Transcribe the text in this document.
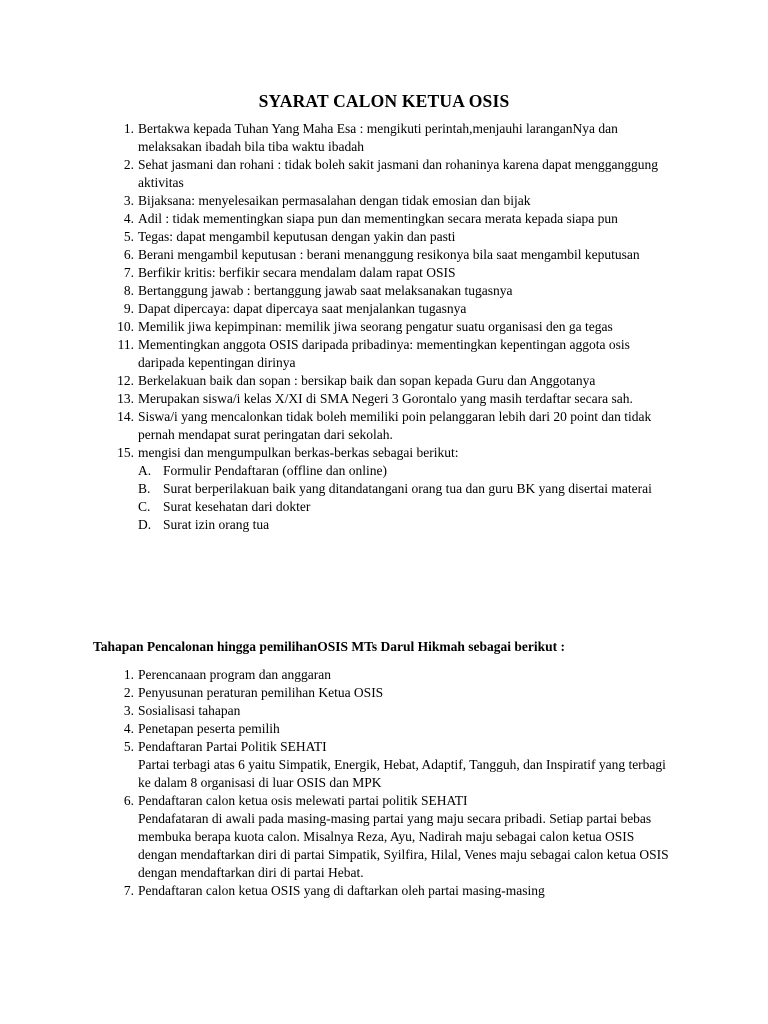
SYARAT CALON KETUA OSIS
1. Bertakwa kepada Tuhan Yang Maha Esa : mengikuti perintah,menjauhi laranganNya dan melaksakan ibadah bila tiba waktu ibadah
2. Sehat jasmani dan rohani : tidak boleh sakit jasmani dan rohaninya karena dapat mengganggung aktivitas
3. Bijaksana: menyelesaikan permasalahan dengan tidak emosian dan bijak
4. Adil : tidak mementingkan siapa pun dan mementingkan secara merata kepada siapa pun
5. Tegas: dapat mengambil keputusan dengan yakin dan pasti
6. Berani mengambil keputusan : berani menanggung resikonya bila saat mengambil keputusan
7. Berfikir kritis: berfikir secara mendalam dalam rapat OSIS
8. Bertanggung jawab : bertanggung jawab saat melaksanakan tugasnya
9. Dapat dipercaya: dapat dipercaya saat menjalankan tugasnya
10. Memilik jiwa kepimpinan: memilik jiwa seorang pengatur suatu organisasi den ga tegas
11. Mementingkan anggota OSIS daripada pribadinya: mementingkan kepentingan aggota osis daripada kepentingan dirinya
12. Berkelakuan baik dan sopan : bersikap baik dan sopan kepada Guru dan Anggotanya
13. Merupakan siswa/i kelas X/XI di SMA Negeri 3 Gorontalo yang masih terdaftar secara sah.
14. Siswa/i yang mencalonkan tidak boleh memiliki poin pelanggaran lebih dari 20 point dan tidak pernah mendapat surat peringatan dari sekolah.
15. mengisi dan mengumpulkan berkas-berkas sebagai berikut:
A. Formulir Pendaftaran (offline dan online)
B. Surat berperilakuan baik yang ditandatangani orang tua dan guru BK yang disertai materai
C. Surat kesehatan dari dokter
D. Surat izin orang tua
Tahapan Pencalonan hingga pemilihanOSIS MTs Darul Hikmah sebagai berikut :
1. Perencanaan program dan anggaran
2. Penyusunan peraturan pemilihan Ketua OSIS
3. Sosialisasi tahapan
4. Penetapan peserta pemilih
5. Pendaftaran Partai Politik SEHATI
Partai terbagi atas 6 yaitu Simpatik, Energik, Hebat, Adaptif, Tangguh, dan Inspiratif yang terbagi ke dalam 8 organisasi di luar OSIS dan MPK
6. Pendaftaran calon ketua osis melewati partai politik SEHATI
Pendafataran di awali pada masing-masing partai yang maju secara pribadi. Setiap partai bebas membuka berapa kuota calon. Misalnya Reza, Ayu, Nadirah maju sebagai calon ketua OSIS dengan mendaftarkan diri di partai Simpatik, Syilfira, Hilal, Venes maju sebagai calon ketua OSIS dengan mendaftarkan diri di partai Hebat.
7. Pendaftaran calon ketua OSIS yang di daftarkan oleh partai masing-masing
